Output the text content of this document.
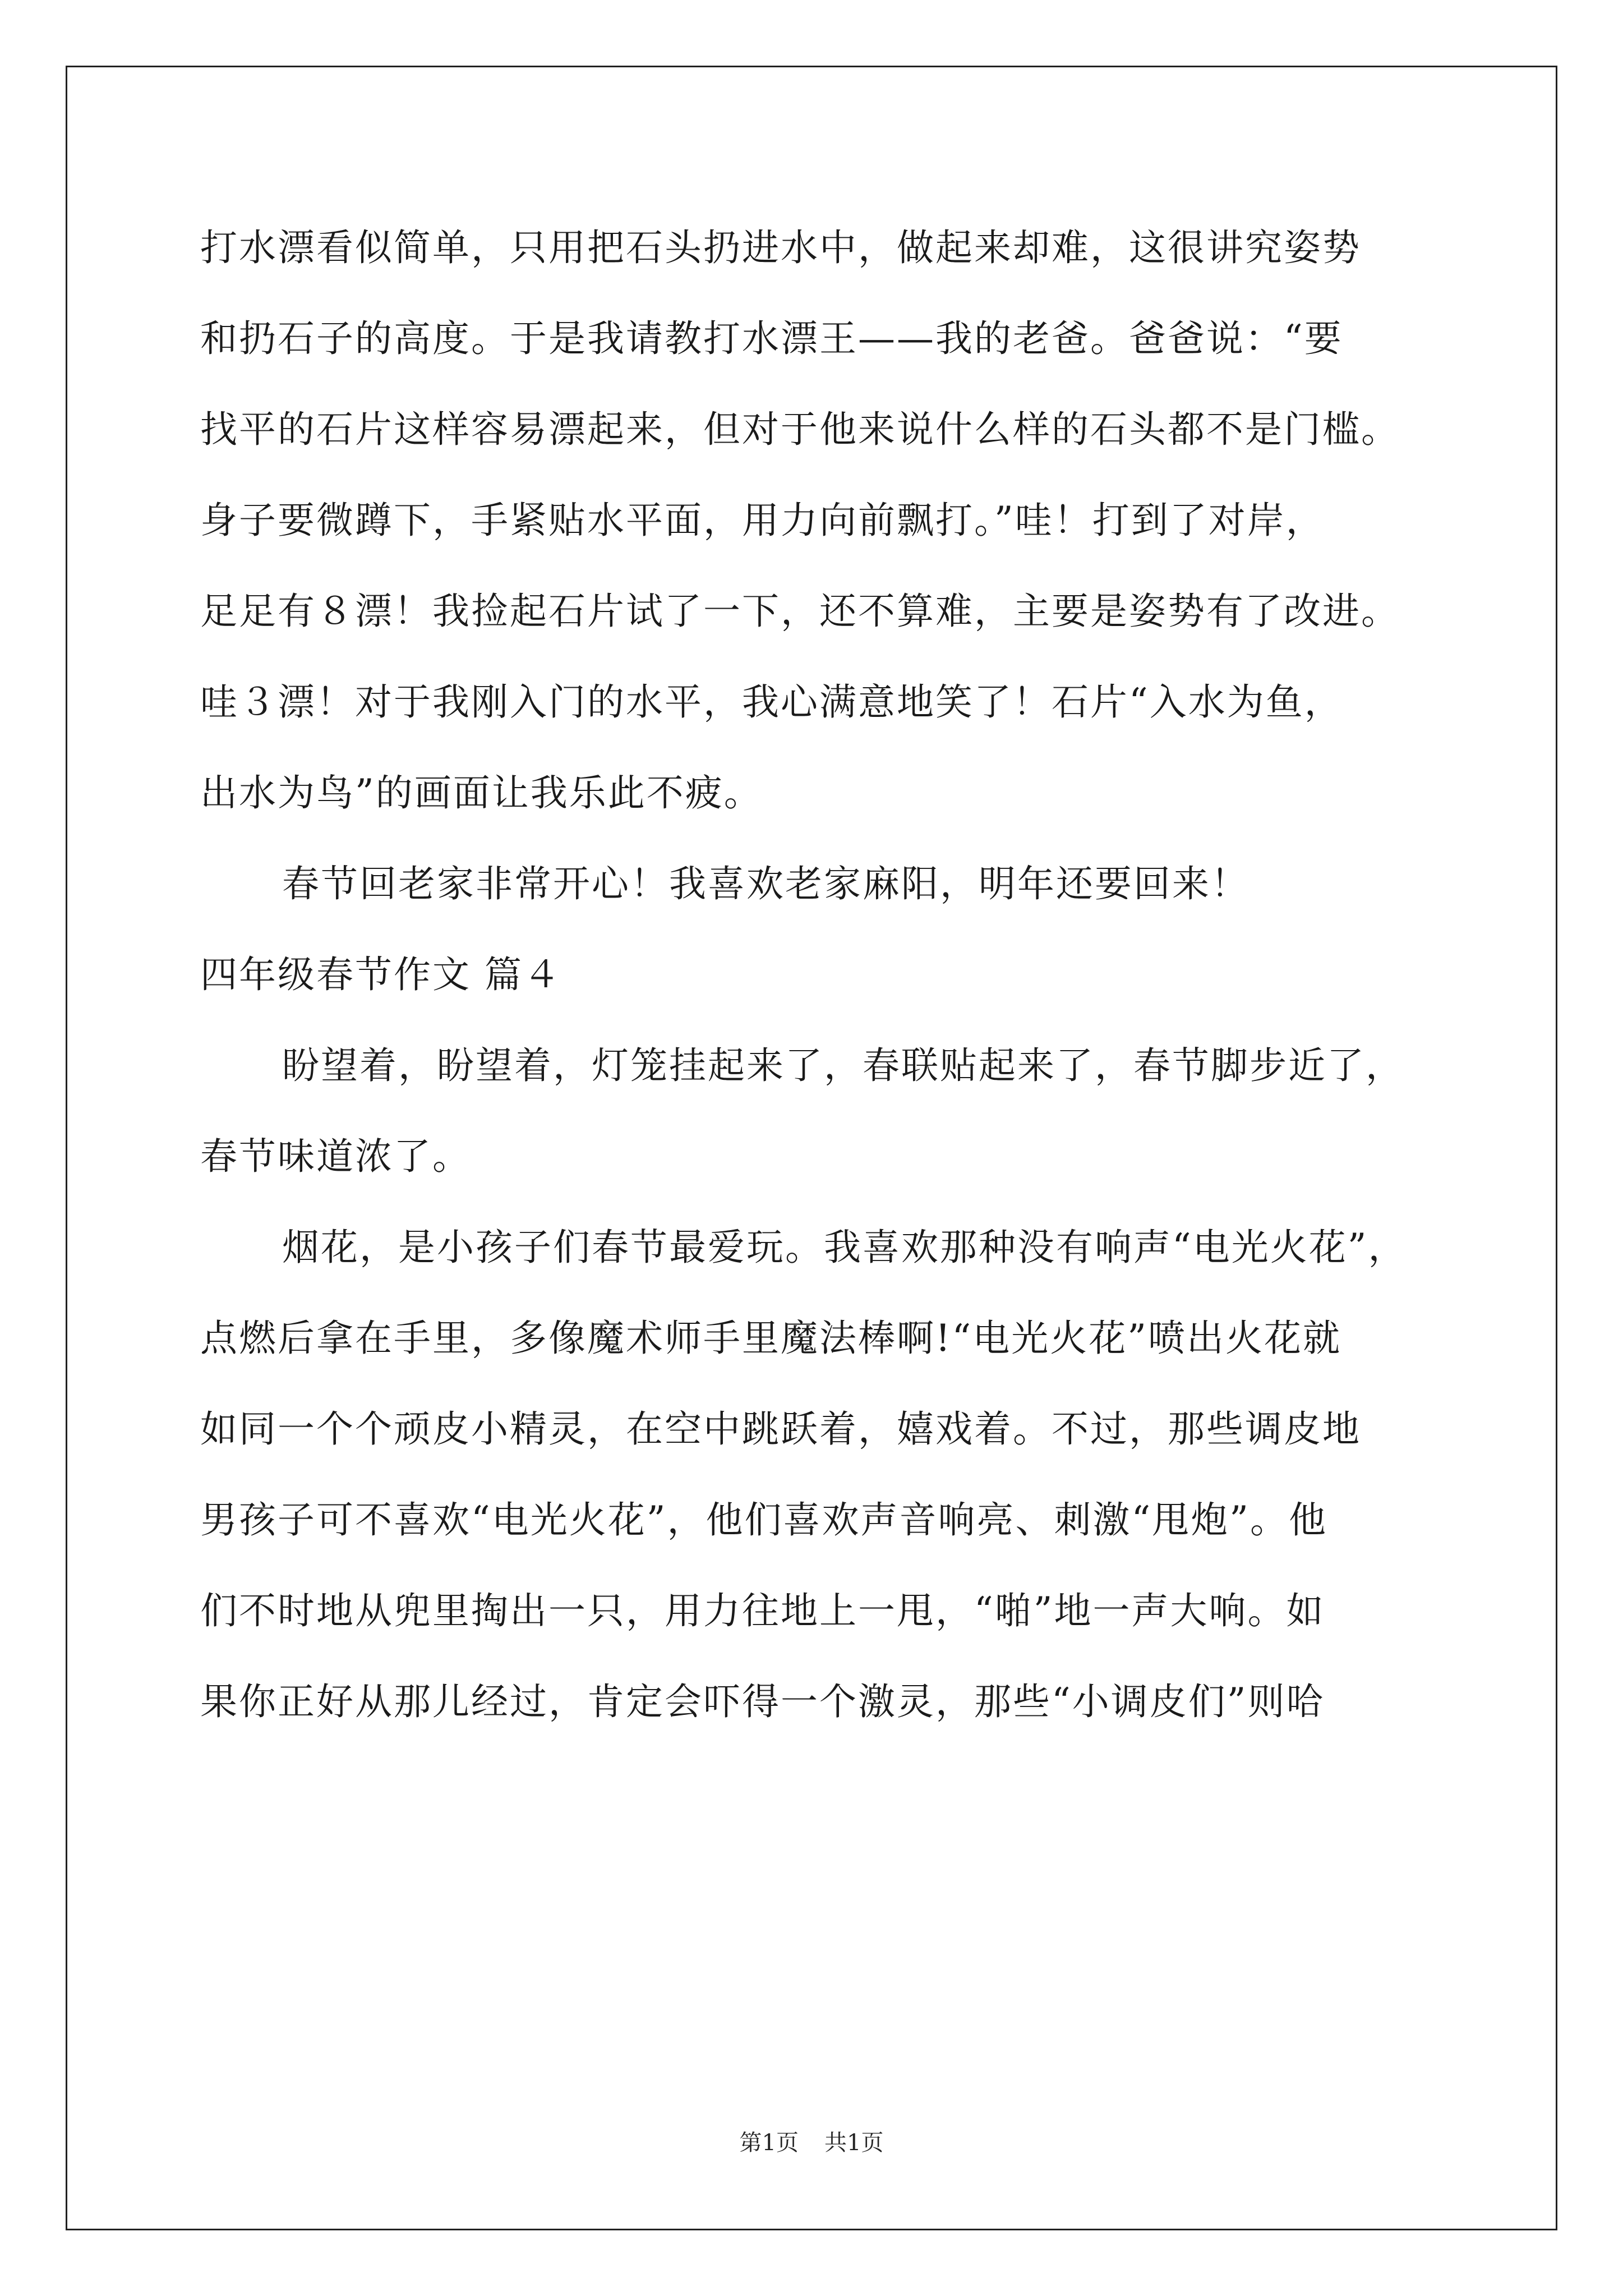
打水漂看似简单，只用把石头扔进水中，做起来却难，这很讲究姿势
和扔石子的高度。于是我请教打水漂王——我的老爸。爸爸说：“要
找平的石片这样容易漂起来，但对于他来说什么样的石头都不是门槛。
身子要微蹲下，手紧贴水平面，用力向前飘打。”哇！打到了对岸，
足足有８漂！我捡起石片试了一下，还不算难，主要是姿势有了改进。
哇３漂！对于我刚入门的水平，我心满意地笑了！石片“入水为鱼，
出水为鸟”的画面让我乐此不疲。
春节回老家非常开心！我喜欢老家麻阳，明年还要回来！
四年级春节作文 篇４
盼望着，盼望着，灯笼挂起来了，春联贴起来了，春节脚步近了，
春节味道浓了。
烟花，是小孩子们春节最爱玩。我喜欢那种没有响声“电光火花”，
点燃后拿在手里，多像魔术师手里魔法棒啊!“电光火花”喷出火花就
如同一个个顽皮小精灵，在空中跳跃着，嬉戏着。不过，那些调皮地
男孩子可不喜欢“电光火花”，他们喜欢声音响亮、刺激“甩炮”。他
们不时地从兜里掏出一只，用力往地上一甩，“啪”地一声大响。如
果你正好从那儿经过，肯定会吓得一个激灵，那些“小调皮们”则哈
第1页 共1页
